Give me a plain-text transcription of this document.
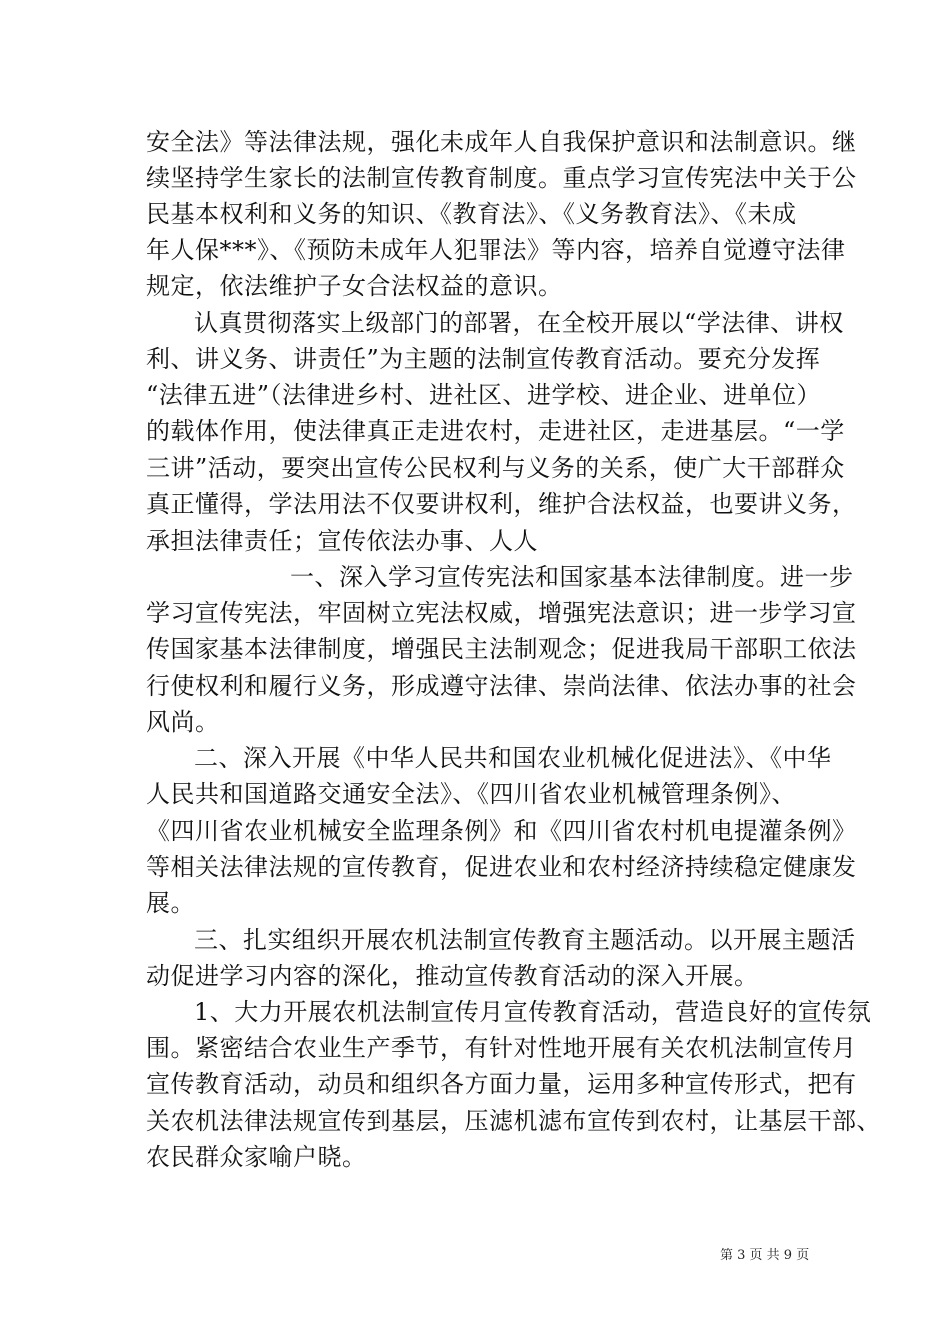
安全法》等法律法规，强化未成年人自我保护意识和法制意识。继
续坚持学生家长的法制宣传教育制度。重点学习宣传宪法中关于公
民基本权利和义务的知识、《教育法》、《义务教育法》、《未成
年人保***》、《预防未成年人犯罪法》等内容，培养自觉遵守法律
规定，依法维护子女合法权益的意识。
认真贯彻落实上级部门的部署，在全校开展以“学法律、讲权
利、讲义务、讲责任”为主题的法制宣传教育活动。要充分发挥
“法律五进”（法律进乡村、进社区、进学校、进企业、进单位）
的载体作用，使法律真正走进农村，走进社区，走进基层。“一学
三讲”活动，要突出宣传公民权利与义务的关系，使广大干部群众
真正懂得，学法用法不仅要讲权利，维护合法权益，也要讲义务，
承担法律责任；宣传依法办事、人人
一、深入学习宣传宪法和国家基本法律制度。进一步
学习宣传宪法，牢固树立宪法权威，增强宪法意识；进一步学习宣
传国家基本法律制度，增强民主法制观念；促进我局干部职工依法
行使权利和履行义务，形成遵守法律、崇尚法律、依法办事的社会
风尚。
二、深入开展《中华人民共和国农业机械化促进法》、《中华
人民共和国道路交通安全法》、《四川省农业机械管理条例》、
《四川省农业机械安全监理条例》和《四川省农村机电提灌条例》
等相关法律法规的宣传教育，促进农业和农村经济持续稳定健康发
展。
三、扎实组织开展农机法制宣传教育主题活动。以开展主题活
动促进学习内容的深化，推动宣传教育活动的深入开展。
1、大力开展农机法制宣传月宣传教育活动，营造良好的宣传氛
围。紧密结合农业生产季节，有针对性地开展有关农机法制宣传月
宣传教育活动，动员和组织各方面力量，运用多种宣传形式，把有
关农机法律法规宣传到基层，压滤机滤布宣传到农村，让基层干部、
农民群众家喻户晓。
第 3 页 共 9 页
